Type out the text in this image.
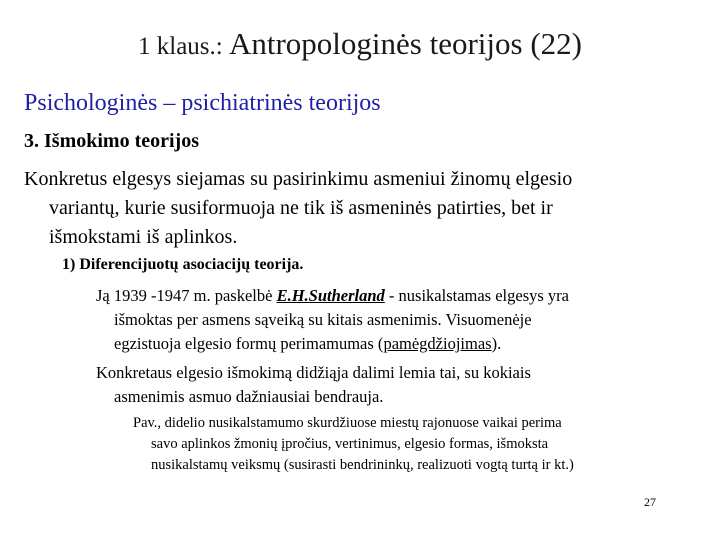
1 klaus.: Antropologinės teorijos (22)
Psichologinės – psichiatrinės teorijos
3. Išmokimo teorijos
Konkretus elgesys siejamas su pasirinkimu asmeniui žinomų elgesio
variantų, kurie susiformuoja ne tik iš asmeninės patirties, bet ir
išmokstami iš aplinkos.
1) Diferencijuotų asociacijų teorija.
Ją 1939 -1947 m. paskelbė E.H.Sutherland - nusikalstamas elgesys yra
išmoktas per asmens sąveiką su kitais asmenimis. Visuomenėje
egzistuoja elgesio formų perimamumas (pamėgdžiojimas).
Konkretaus elgesio išmokimą didžiąja dalimi lemia tai, su kokiais
asmenimis asmuo dažniausiai bendrauja.
Pav., didelio nusikalstamumo skurdžiuose miestų rajonuose vaikai perima
savo aplinkos žmonių įpročius, vertinimus, elgesio formas, išmoksta
nusikalstamų veiksmų (susirasti bendrininkų, realizuoti vogtą turtą ir kt.)
27
